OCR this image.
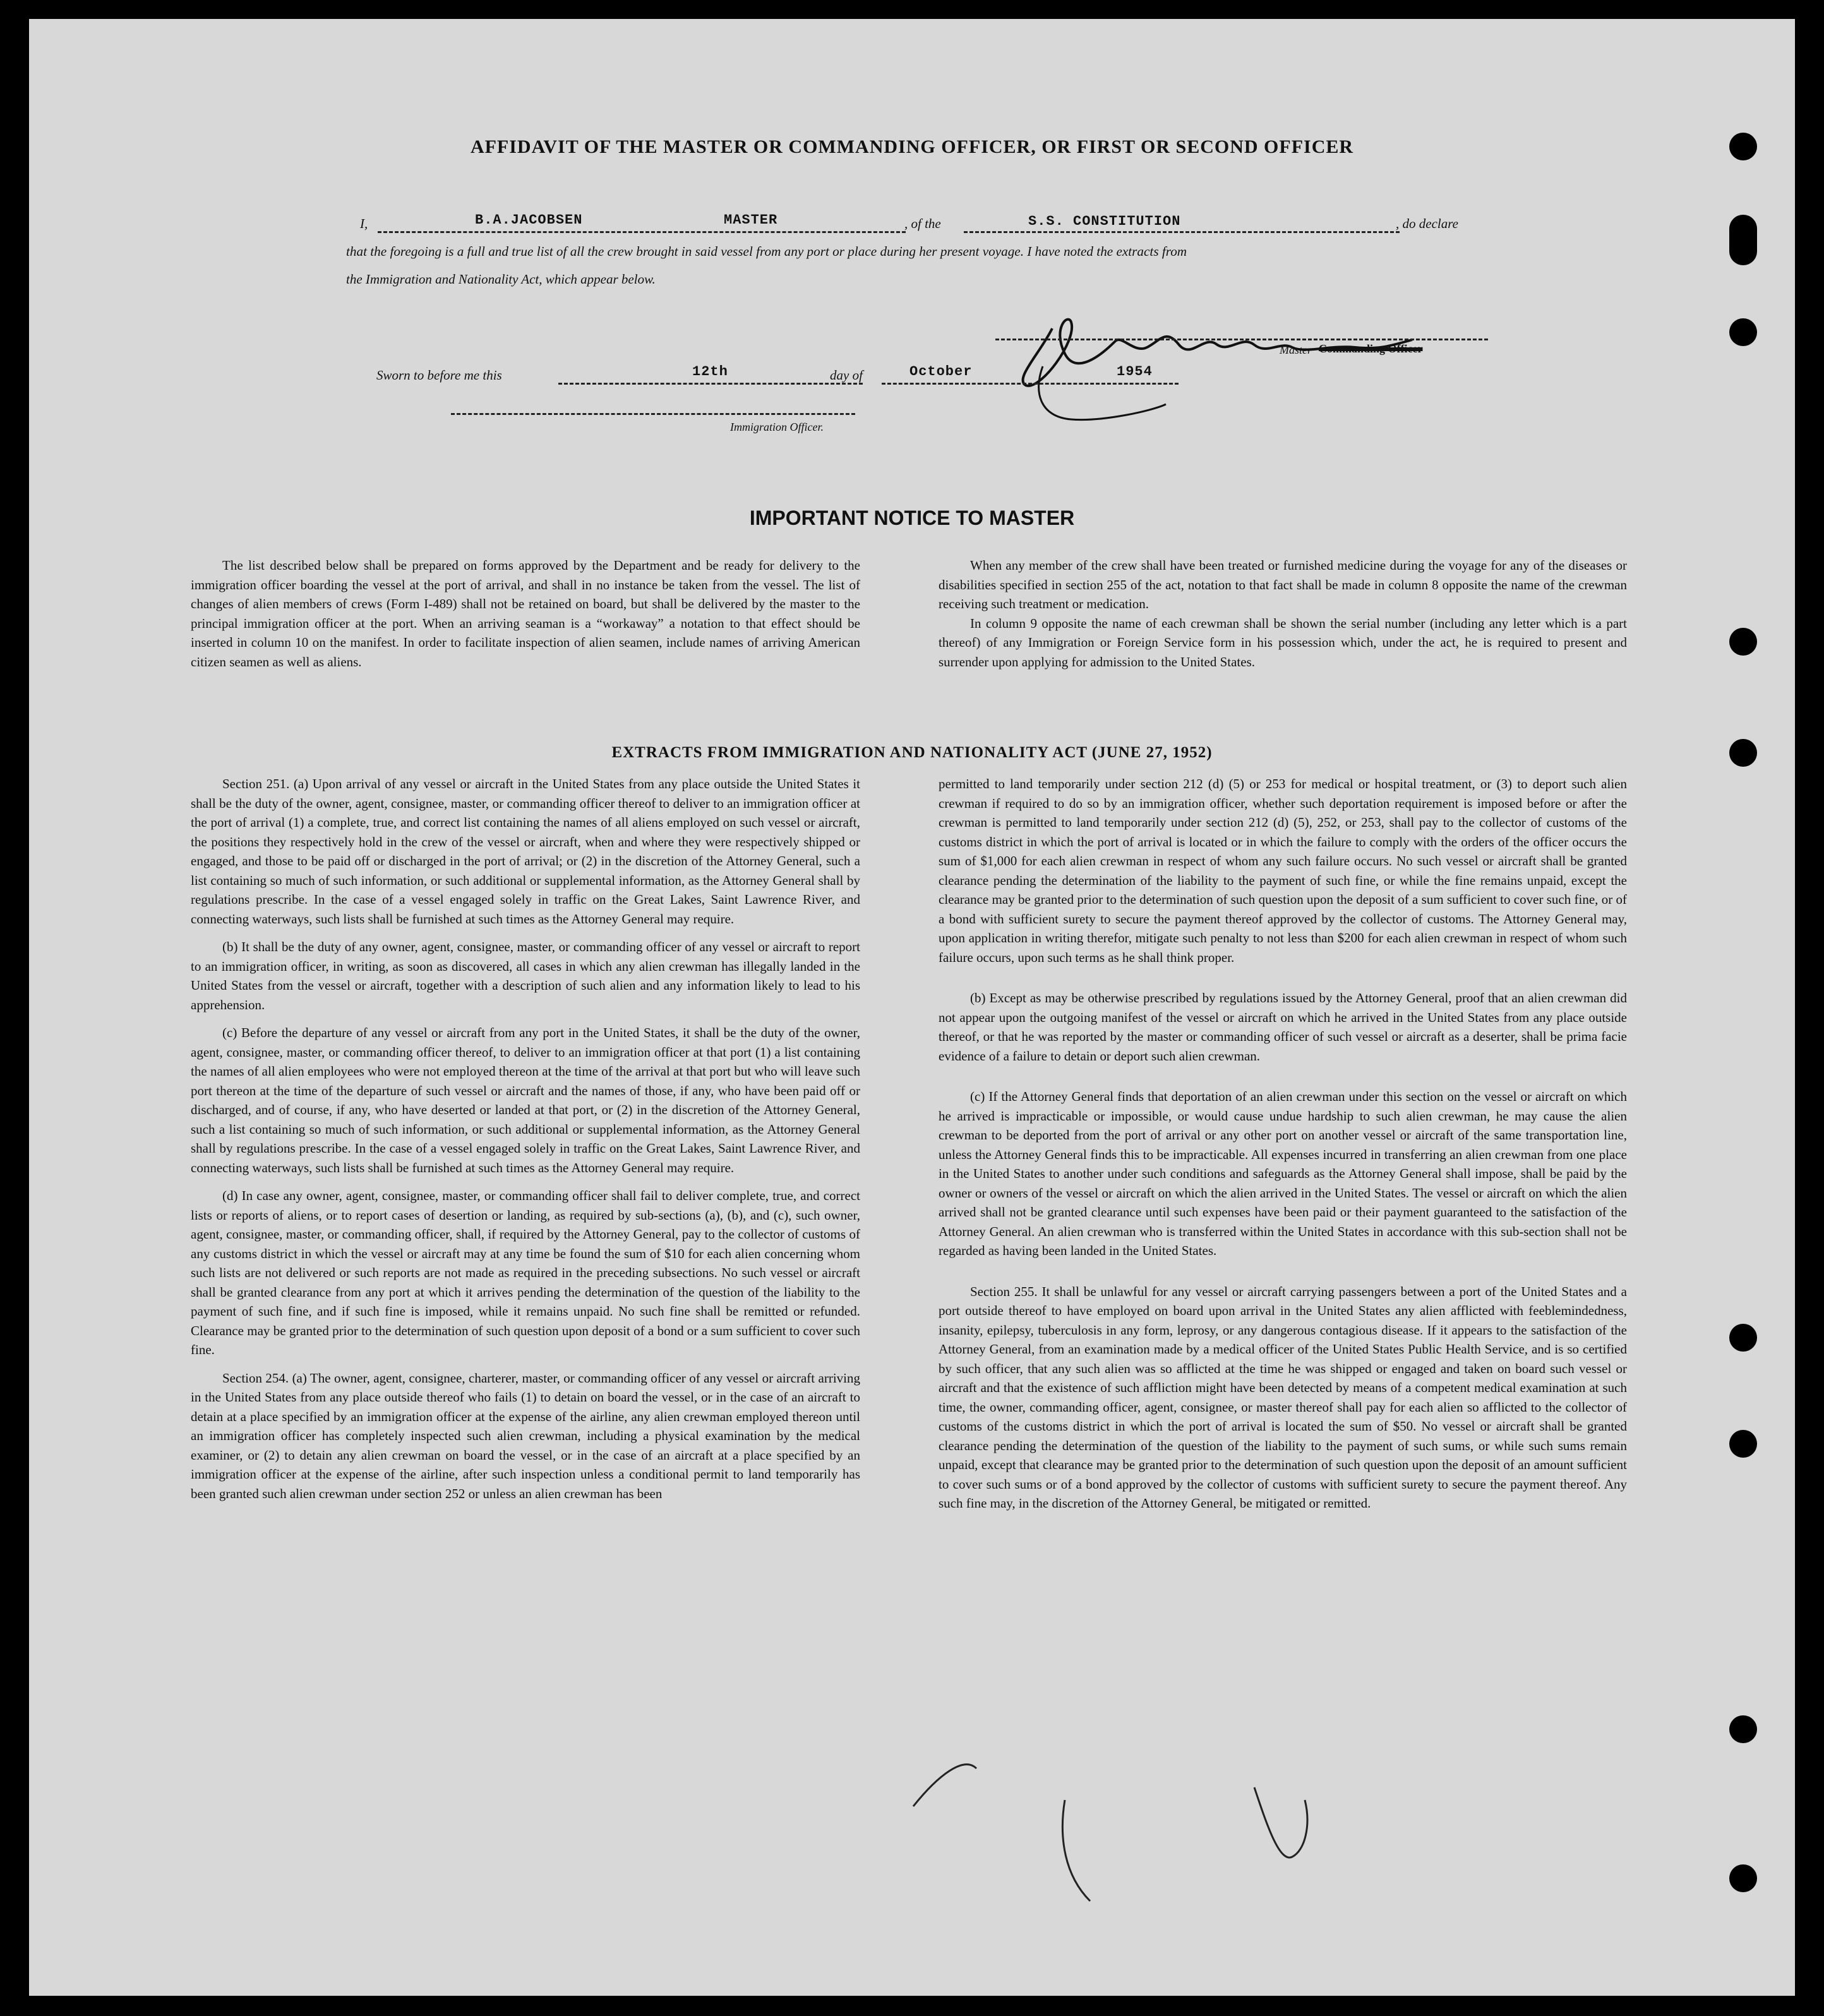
AFFIDAVIT OF THE MASTER OR COMMANDING OFFICER, OR FIRST OR SECOND OFFICER
I,	B.A.JACOBSEN	MASTER	, of the	S.S. CONSTITUTION	, do declare
that the foregoing is a full and true list of all the crew brought in said vessel from any port or place during her present voyage. I have noted the extracts from
the Immigration and Nationality Act, which appear below.
Master Commanding Officer
Sworn to before me this	12th	day of	October	1954
Immigration Officer.
IMPORTANT NOTICE TO MASTER

The list described below shall be prepared on forms approved by the Department and be ready for delivery to the immigration officer boarding the vessel at the port of arrival, and shall in no instance be taken from the vessel. The list of changes of alien members of crews (Form I-489) shall not be retained on board, but shall be delivered by the master to the principal immigration officer at the port. When an arriving seaman is a “workaway” a notation to that effect should be inserted in column 10 on the manifest. In order to facilitate inspection of alien seamen, include names of arriving American citizen seamen as well as aliens.

When any member of the crew shall have been treated or furnished medicine during the voyage for any of the diseases or disabilities specified in section 255 of the act, notation to that fact shall be made in column 8 opposite the name of the crewman receiving such treatment or medication.

In column 9 opposite the name of each crewman shall be shown the serial number (including any letter which is a part thereof) of any Immigration or Foreign Service form in his possession which, under the act, he is required to present and surrender upon applying for admission to the United States.

EXTRACTS FROM IMMIGRATION AND NATIONALITY ACT (JUNE 27, 1952)

Section 251. (a) Upon arrival of any vessel or aircraft in the United States from any place outside the United States it shall be the duty of the owner, agent, consignee, master, or commanding officer thereof to deliver to an immigration officer at the port of arrival (1) a complete, true, and correct list containing the names of all aliens employed on such vessel or aircraft, the positions they respectively hold in the crew of the vessel or aircraft, when and where they were respectively shipped or engaged, and those to be paid off or discharged in the port of arrival; or (2) in the discretion of the Attorney General, such a list containing so much of such information, or such additional or supplemental information, as the Attorney General shall by regulations prescribe. In the case of a vessel engaged solely in traffic on the Great Lakes, Saint Lawrence River, and connecting waterways, such lists shall be furnished at such times as the Attorney General may require.

(b) It shall be the duty of any owner, agent, consignee, master, or commanding officer of any vessel or aircraft to report to an immigration officer, in writing, as soon as discovered, all cases in which any alien crewman has illegally landed in the United States from the vessel or aircraft, together with a description of such alien and any information likely to lead to his apprehension.

(c) Before the departure of any vessel or aircraft from any port in the United States, it shall be the duty of the owner, agent, consignee, master, or commanding officer thereof, to deliver to an immigration officer at that port (1) a list containing the names of all alien employees who were not employed thereon at the time of the arrival at that port but who will leave such port thereon at the time of the departure of such vessel or aircraft and the names of those, if any, who have been paid off or discharged, and of course, if any, who have deserted or landed at that port, or (2) in the discretion of the Attorney General, such a list containing so much of such information, or such additional or supplemental information, as the Attorney General shall by regulations prescribe. In the case of a vessel engaged solely in traffic on the Great Lakes, Saint Lawrence River, and connecting waterways, such lists shall be furnished at such times as the Attorney General may require.

(d) In case any owner, agent, consignee, master, or commanding officer shall fail to deliver complete, true, and correct lists or reports of aliens, or to report cases of desertion or landing, as required by sub-sections (a), (b), and (c), such owner, agent, consignee, master, or commanding officer, shall, if required by the Attorney General, pay to the collector of customs of any customs district in which the vessel or aircraft may at any time be found the sum of $10 for each alien concerning whom such lists are not delivered or such reports are not made as required in the preceding subsections. No such vessel or aircraft shall be granted clearance from any port at which it arrives pending the determination of the question of the liability to the payment of such fine, and if such fine is imposed, while it remains unpaid. No such fine shall be remitted or refunded. Clearance may be granted prior to the determination of such question upon deposit of a bond or a sum sufficient to cover such fine.

Section 254. (a) The owner, agent, consignee, charterer, master, or commanding officer of any vessel or aircraft arriving in the United States from any place outside thereof who fails (1) to detain on board the vessel, or in the case of an aircraft to detain at a place specified by an immigration officer at the expense of the airline, any alien crewman employed thereon until an immigration officer has completely inspected such alien crewman, including a physical examination by the medical examiner, or (2) to detain any alien crewman on board the vessel, or in the case of an aircraft at a place specified by an immigration officer at the expense of the airline, after such inspection unless a conditional permit to land temporarily has been granted such alien crewman under section 252 or unless an alien crewman has been

permitted to land temporarily under section 212 (d) (5) or 253 for medical or hospital treatment, or (3) to deport such alien crewman if required to do so by an immigration officer, whether such deportation requirement is imposed before or after the crewman is permitted to land temporarily under section 212 (d) (5), 252, or 253, shall pay to the collector of customs of the customs district in which the port of arrival is located or in which the failure to comply with the orders of the officer occurs the sum of $1,000 for each alien crewman in respect of whom any such failure occurs. No such vessel or aircraft shall be granted clearance pending the determination of the liability to the payment of such fine, or while the fine remains unpaid, except the clearance may be granted prior to the determination of such question upon the deposit of a sum sufficient to cover such fine, or of a bond with sufficient surety to secure the payment thereof approved by the collector of customs. The Attorney General may, upon application in writing therefor, mitigate such penalty to not less than $200 for each alien crewman in respect of whom such failure occurs, upon such terms as he shall think proper.

(b) Except as may be otherwise prescribed by regulations issued by the Attorney General, proof that an alien crewman did not appear upon the outgoing manifest of the vessel or aircraft on which he arrived in the United States from any place outside thereof, or that he was reported by the master or commanding officer of such vessel or aircraft as a deserter, shall be prima facie evidence of a failure to detain or deport such alien crewman.

(c) If the Attorney General finds that deportation of an alien crewman under this section on the vessel or aircraft on which he arrived is impracticable or impossible, or would cause undue hardship to such alien crewman, he may cause the alien crewman to be deported from the port of arrival or any other port on another vessel or aircraft of the same transportation line, unless the Attorney General finds this to be impracticable. All expenses incurred in transferring an alien crewman from one place in the United States to another under such conditions and safeguards as the Attorney General shall impose, shall be paid by the owner or owners of the vessel or aircraft on which the alien arrived in the United States. The vessel or aircraft on which the alien arrived shall not be granted clearance until such expenses have been paid or their payment guaranteed to the satisfaction of the Attorney General. An alien crewman who is transferred within the United States in accordance with this sub-section shall not be regarded as having been landed in the United States.

Section 255. It shall be unlawful for any vessel or aircraft carrying passengers between a port of the United States and a port outside thereof to have employed on board upon arrival in the United States any alien afflicted with feeblemindedness, insanity, epilepsy, tuberculosis in any form, leprosy, or any dangerous contagious disease. If it appears to the satisfaction of the Attorney General, from an examination made by a medical officer of the United States Public Health Service, and is so certified by such officer, that any such alien was so afflicted at the time he was shipped or engaged and taken on board such vessel or aircraft and that the existence of such affliction might have been detected by means of a competent medical examination at such time, the owner, commanding officer, agent, consignee, or master thereof shall pay for each alien so afflicted to the collector of customs of the customs district in which the port of arrival is located the sum of $50. No vessel or aircraft shall be granted clearance pending the determination of the question of the liability to the payment of such sums, or while such sums remain unpaid, except that clearance may be granted prior to the determination of such question upon the deposit of an amount sufficient to cover such sums or of a bond approved by the collector of customs with sufficient surety to secure the payment thereof. Any such fine may, in the discretion of the Attorney General, be mitigated or remitted.
